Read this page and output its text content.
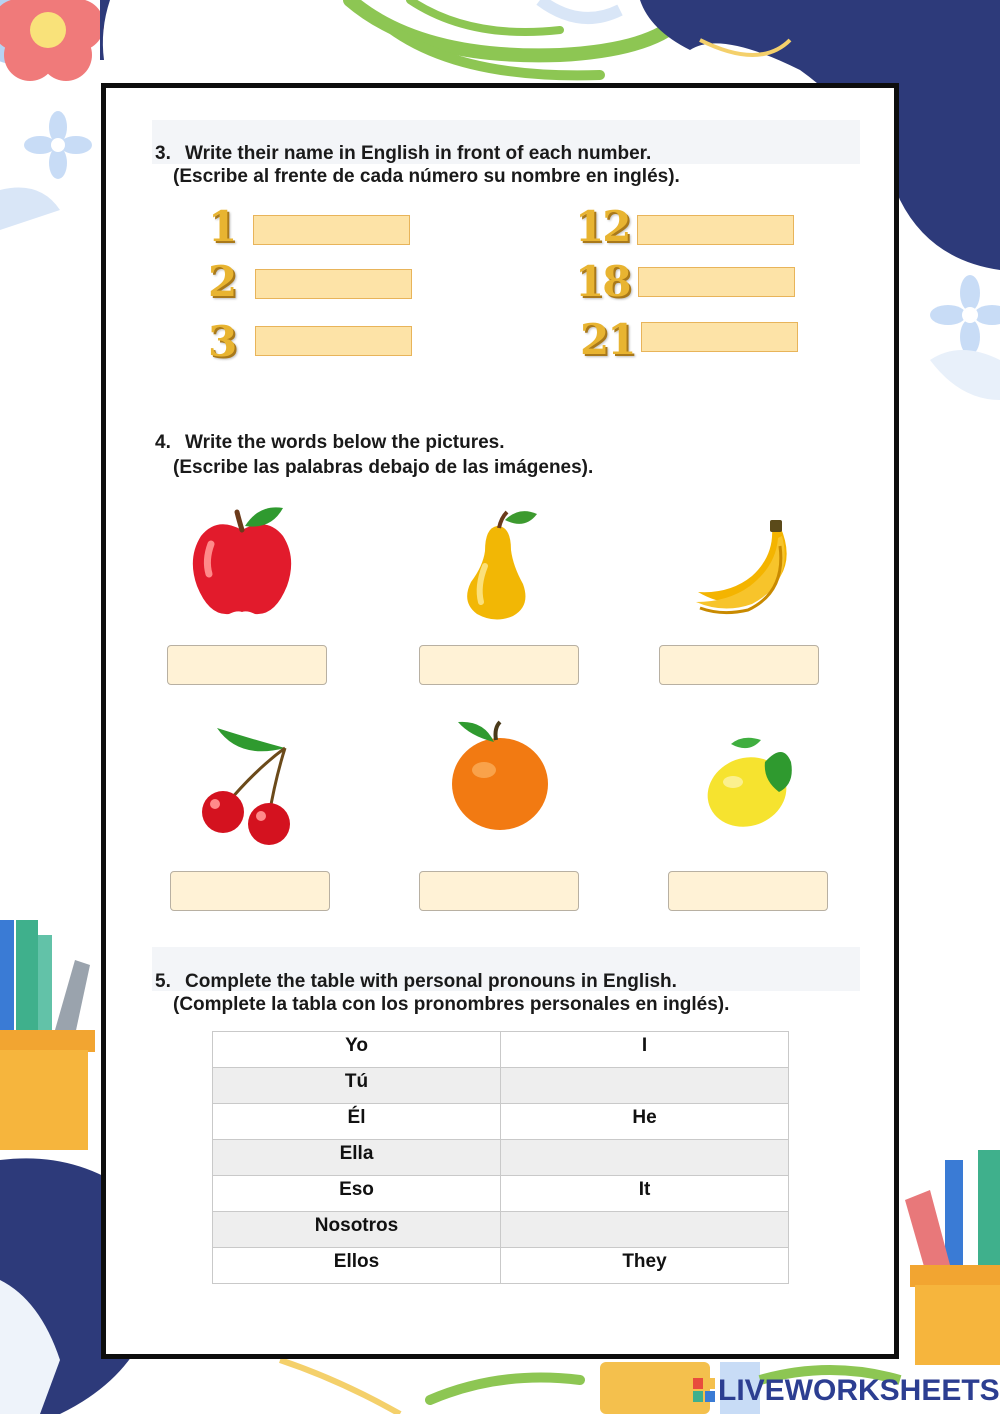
3. Write their name in English in front of each number.
(Escribe al frente de cada número su nombre en inglés).
1
2
3
12
18
21
4. Write the words below the pictures.
(Escribe las palabras debajo de las imágenes).
5. Complete the table with personal pronouns in English.
(Complete la tabla con los pronombres personales en inglés).
Yo	I
Tú	
Él	He
Ella	
Eso	It
Nosotros	
Ellos	They
LIVEWORKSHEETS
